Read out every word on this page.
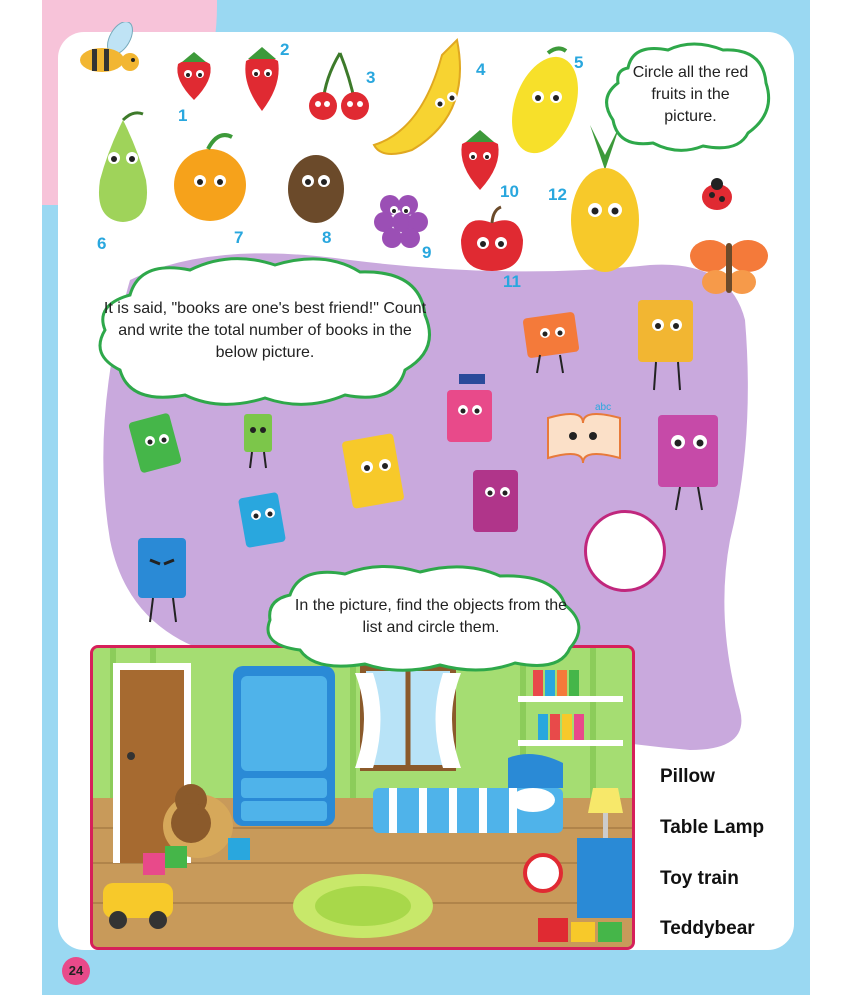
1
2
3	4	5
6	7	8
9
10
11
12
Circle all the red fruits in the picture.
It is said, "books are one's best friend!" Count and write the total number of books in the below picture.
abc
In the picture, find the objects from the list and circle them.
Pillow
Table Lamp
Toy train
Teddybear
24
